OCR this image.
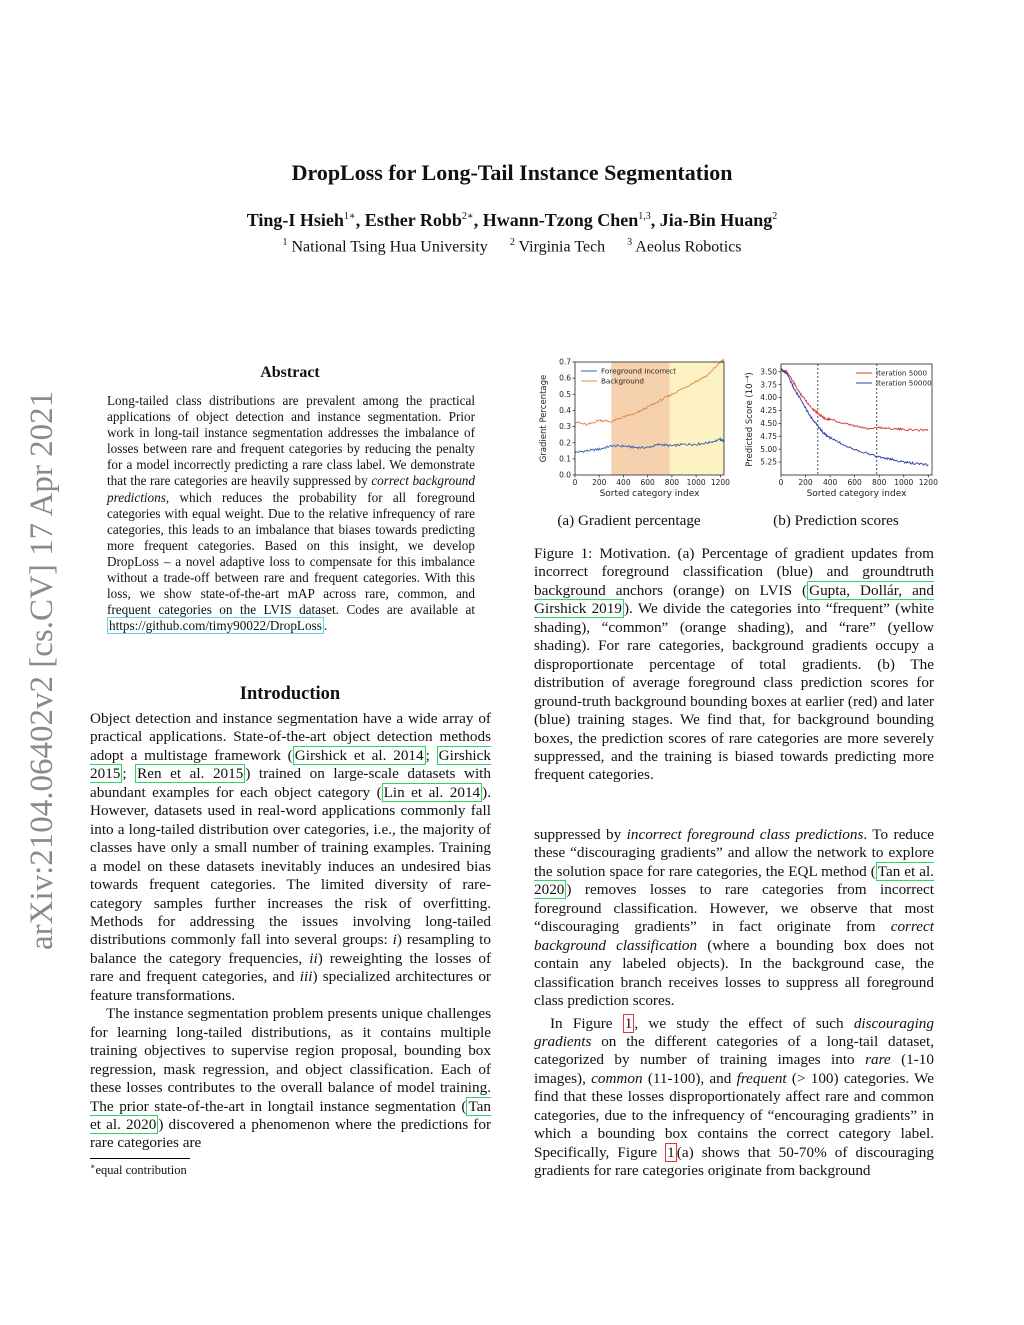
arXiv:2104.06402v2 [cs.CV] 17 Apr 2021
DropLoss for Long-Tail Instance Segmentation
Ting-I Hsieh$^{1∗}$, Esther Robb$^{2∗}$, Hwann-Tzong Chen$^{1,3}$, Jia-Bin Huang$^2$
$^1$ National Tsing Hua University $^2$ Virginia Tech $^3$ Aeolus Robotics
Abstract
Long-tailed class distributions are prevalent among the practical applications of object detection and instance segmentation. Prior work in long-tail instance segmentation addresses the imbalance of losses between rare and frequent categories by reducing the penalty for a model incorrectly predicting a rare class label. We demonstrate that the rare categories are heavily suppressed by correct background predictions, which reduces the probability for all foreground categories with equal weight. Due to the relative infrequency of rare categories, this leads to an imbalance that biases towards predicting more frequent categories. Based on this insight, we develop DropLoss – a novel adaptive loss to compensate for this imbalance without a trade-off between rare and frequent categories. With this loss, we show state-of-the-art mAP across rare, common, and frequent categories on the LVIS dataset. Codes are available at https://github.com/timy90022/DropLoss .
Introduction

Object detection and instance segmentation have a wide array of practical applications. State-of-the-art object detection methods adopt a multistage framework ( Girshick et al. 2014 ; Girshick 2015 ; Ren et al. 2015 ) trained on large-scale datasets with abundant examples for each object category ( Lin et al. 2014 ). However, datasets used in real-word applications commonly fall into a long-tailed distribution over categories, i.e., the majority of classes have only a small number of training examples. Training a model on these datasets inevitably induces an undesired bias towards frequent categories. The limited diversity of rare-category samples further increases the risk of overfitting. Methods for addressing the issues involving long-tailed distributions commonly fall into several groups: i) resampling to balance the category frequencies, ii) reweighting the losses of rare and frequent categories, and iii) specialized architectures or feature transformations.

The instance segmentation problem presents unique challenges for learning long-tailed distributions, as it contains multiple training objectives to supervise region proposal, bounding box regression, mask regression, and object classification. Each of these losses contributes to the overall balance of model training. The prior state-of-the-art in longtail instance segmentation ( Tan et al. 2020 ) discovered a phenomenon where the predictions for rare categories are

∗equal contribution
0 200 400 600 800 1000 1200
0.0
0.1
0.2
0.3
0.4
0.5
0.6
0.7
Sorted category index
Gradient Percentage
Foreground Incorrect
Background
0 200 400 600 800 1000 1200
3.50
3.75
4.00
4.25
4.50
4.75
5.00
5.25
Sorted category index
Predicted Score (10⁻⁴)	Iteration 5000
Iteration 50000
(a) Gradient percentage	(b) Prediction scores
Figure 1: Motivation. (a) Percentage of gradient updates from incorrect foreground classification (blue) and groundtruth background anchors (orange) on LVIS ( Gupta, Dollár, and Girshick 2019 ). We divide the categories into “frequent” (white shading), “common” (orange shading), and “rare” (yellow shading). For rare categories, background gradients occupy a disproportionate percentage of total gradients. (b) The distribution of average foreground class prediction scores for ground-truth background bounding boxes at earlier (red) and later (blue) training stages. We find that, for background bounding boxes, the prediction scores of rare categories are more severely suppressed, and the training is biased towards predicting more frequent categories.

suppressed by incorrect foreground class predictions. To reduce these “discouraging gradients” and allow the network to explore the solution space for rare categories, the EQL method ( Tan et al. 2020 ) removes losses to rare categories from incorrect foreground classification. However, we observe that most “discouraging gradients” in fact originate from correct background classification (where a bounding box does not contain any labeled objects). In the background case, the classification branch receives losses to suppress all foreground class prediction scores.

In Figure 1 , we study the effect of such discouraging gradients on the different categories of a long-tail dataset, categorized by number of training images into rare (1-10 images), common (11-100), and frequent (> 100) categories. We find that these losses disproportionately affect rare and common categories, due to the infrequency of “encouraging gradients” in which a bounding box contains the correct category label. Specifically, Figure 1 (a) shows that 50-70% of discouraging gradients for rare categories originate from background
